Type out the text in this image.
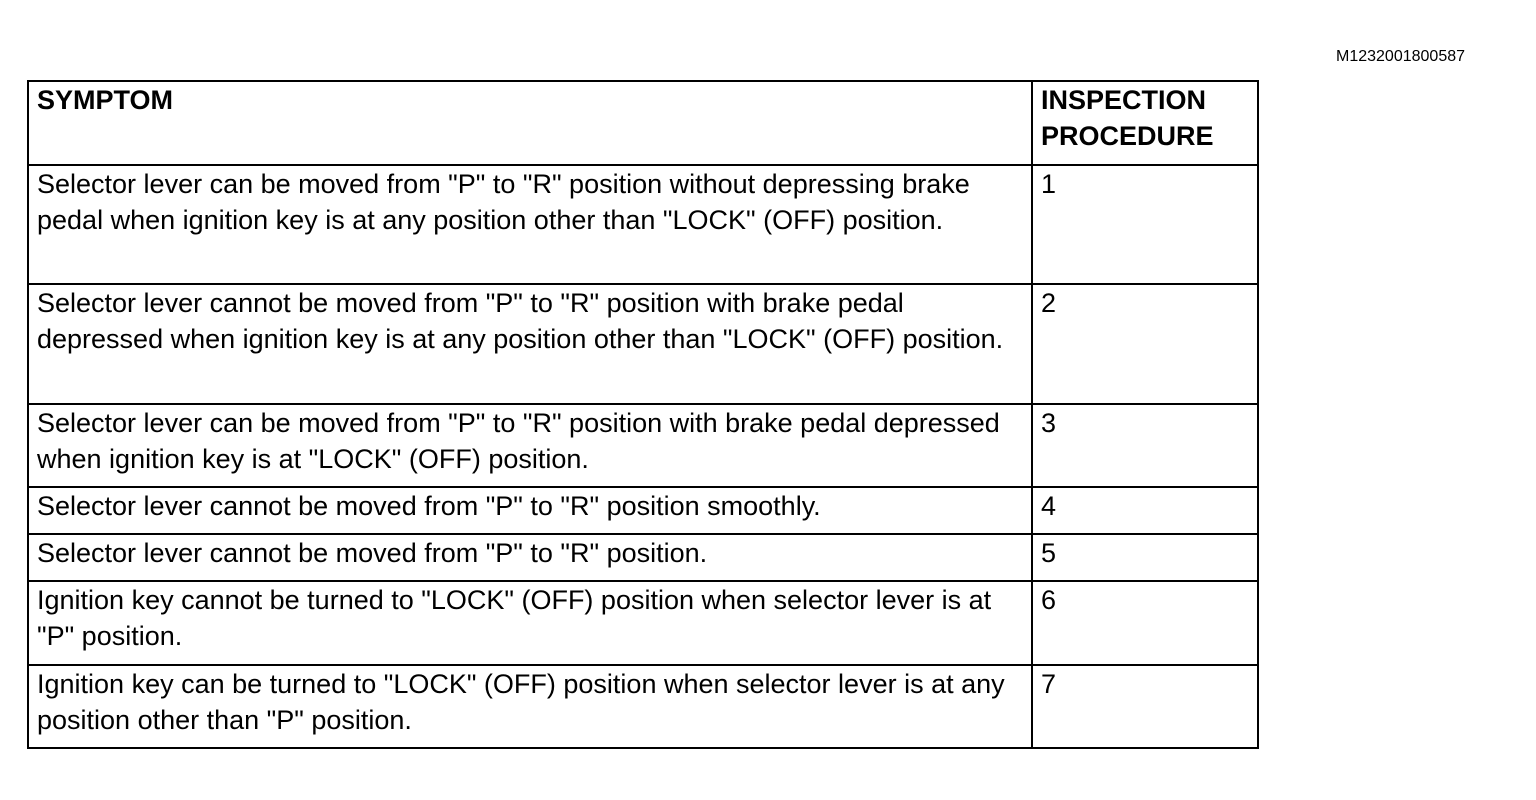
M1232001800587
SYMPTOM	INSPECTION
PROCEDURE
Selector lever can be moved from "P" to "R" position without depressing brake pedal when ignition key is at any position other than "LOCK" (OFF) position.	1
Selector lever cannot be moved from "P" to "R" position with brake pedal depressed when ignition key is at any position other than "LOCK" (OFF) position.	2
Selector lever can be moved from "P" to "R" position with brake pedal depressed when ignition key is at "LOCK" (OFF) position.	3
Selector lever cannot be moved from "P" to "R" position smoothly.	4
Selector lever cannot be moved from "P" to "R" position.	5
Ignition key cannot be turned to "LOCK" (OFF) position when selector lever is at "P" position.	6
Ignition key can be turned to "LOCK" (OFF) position when selector lever is at any position other than "P" position.	7
